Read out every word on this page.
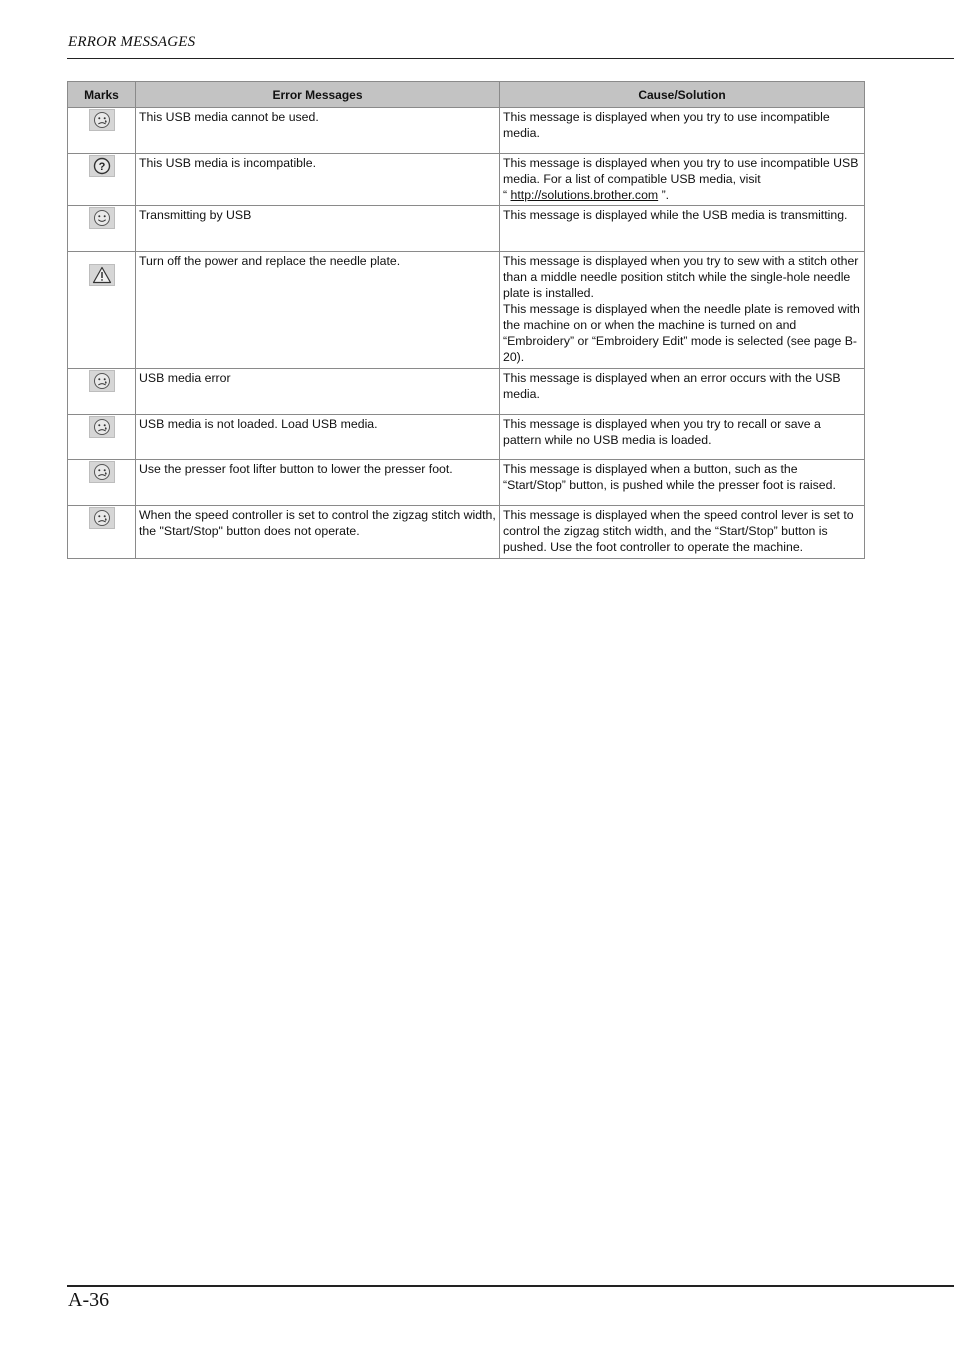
ERROR MESSAGES
Marks	Error Messages	Cause/Solution

	This USB media cannot be used.	This message is displayed when you try to use incompatible media.

?	This USB media is incompatible.	This message is displayed when you try to use incompatible USB media. For a list of compatible USB media, visit
“ http://solutions.brother.com ”.

	Transmitting by USB	This message is displayed while the USB media is transmitting.

	Turn off the power and replace the needle plate.	This message is displayed when you try to sew with a stitch other than a middle needle position stitch while the single-hole needle plate is installed.
This message is displayed when the needle plate is removed with the machine on or when the machine is turned on and “Embroidery” or “Embroidery Edit” mode is selected (see page B-20).

	USB media error	This message is displayed when an error occurs with the USB media.

	USB media is not loaded. Load USB media.	This message is displayed when you try to recall or save a pattern while no USB media is loaded.

	Use the presser foot lifter button to lower the presser foot.	This message is displayed when a button, such as the “Start/Stop” button, is pushed while the presser foot is raised.

	When the speed controller is set to control the zigzag stitch width, the "Start/Stop" button does not operate.	This message is displayed when the speed control lever is set to control the zigzag stitch width, and the “Start/Stop” button is pushed. Use the foot controller to operate the machine.
A-36
